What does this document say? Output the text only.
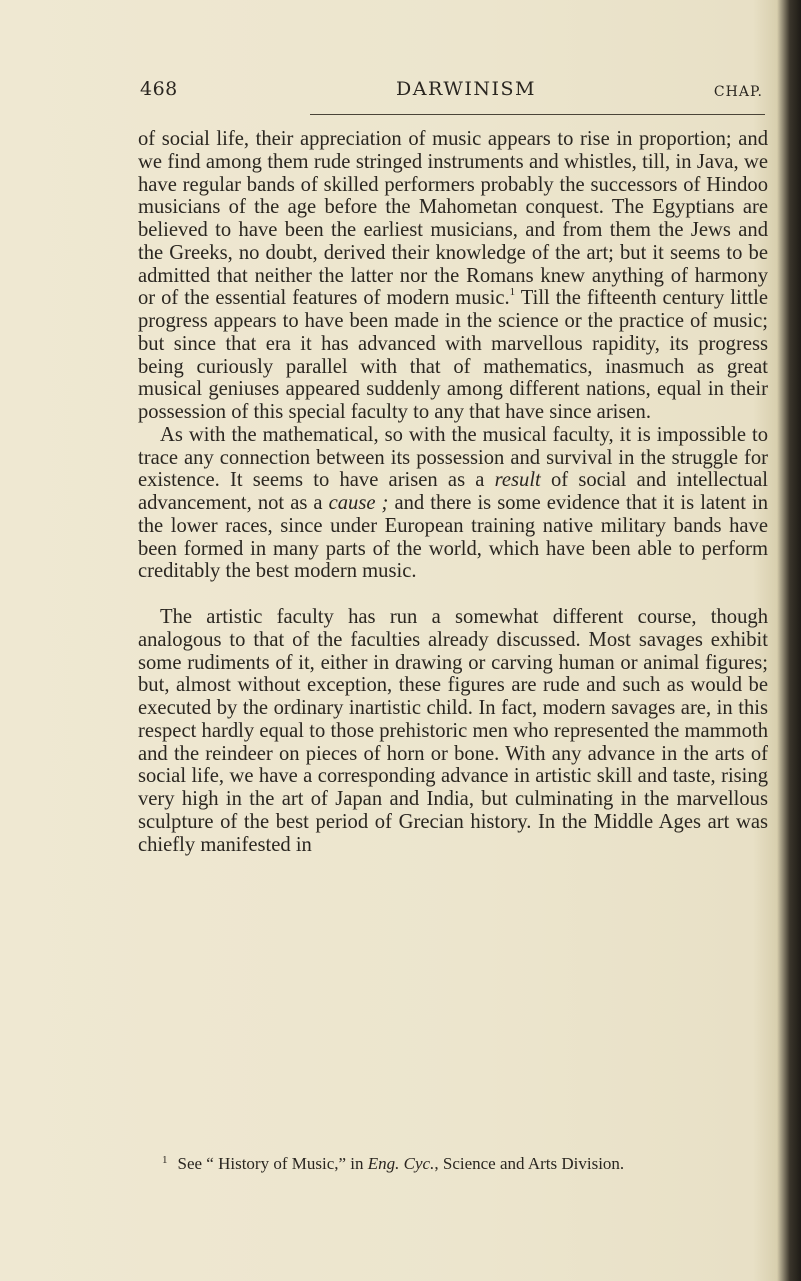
468	DARWINISM	CHAP.

of social life, their appreciation of music appears to rise in proportion; and we find among them rude stringed instruments and whistles, till, in Java, we have regular bands of skilled performers probably the successors of Hindoo musicians of the age before the Mahometan conquest. The Egyptians are believed to have been the earliest musicians, and from them the Jews and the Greeks, no doubt, derived their knowledge of the art; but it seems to be admitted that neither the latter nor the Romans knew anything of harmony or of the essential features of modern music.$^1$ Till the fifteenth century little progress appears to have been made in the science or the practice of music; but since that era it has advanced with marvellous rapidity, its progress being curiously parallel with that of mathematics, inasmuch as great musical geniuses appeared suddenly among different nations, equal in their possession of this special faculty to any that have since arisen.

As with the mathematical, so with the musical faculty, it is impossible to trace any connection between its possession and survival in the struggle for existence. It seems to have arisen as a result of social and intellectual advancement, not as a cause ; and there is some evidence that it is latent in the lower races, since under European training native military bands have been formed in many parts of the world, which have been able to perform creditably the best modern music.

The artistic faculty has run a somewhat different course, though analogous to that of the faculties already discussed. Most savages exhibit some rudiments of it, either in drawing or carving human or animal figures; but, almost without exception, these figures are rude and such as would be executed by the ordinary inartistic child. In fact, modern savages are, in this respect hardly equal to those prehistoric men who represented the mammoth and the reindeer on pieces of horn or bone. With any advance in the arts of social life, we have a corresponding advance in artistic skill and taste, rising very high in the art of Japan and India, but culminating in the marvellous sculpture of the best period of Grecian history. In the Middle Ages art was chiefly manifested in

$^1$ See “ History of Music,” in Eng. Cyc., Science and Arts Division.
